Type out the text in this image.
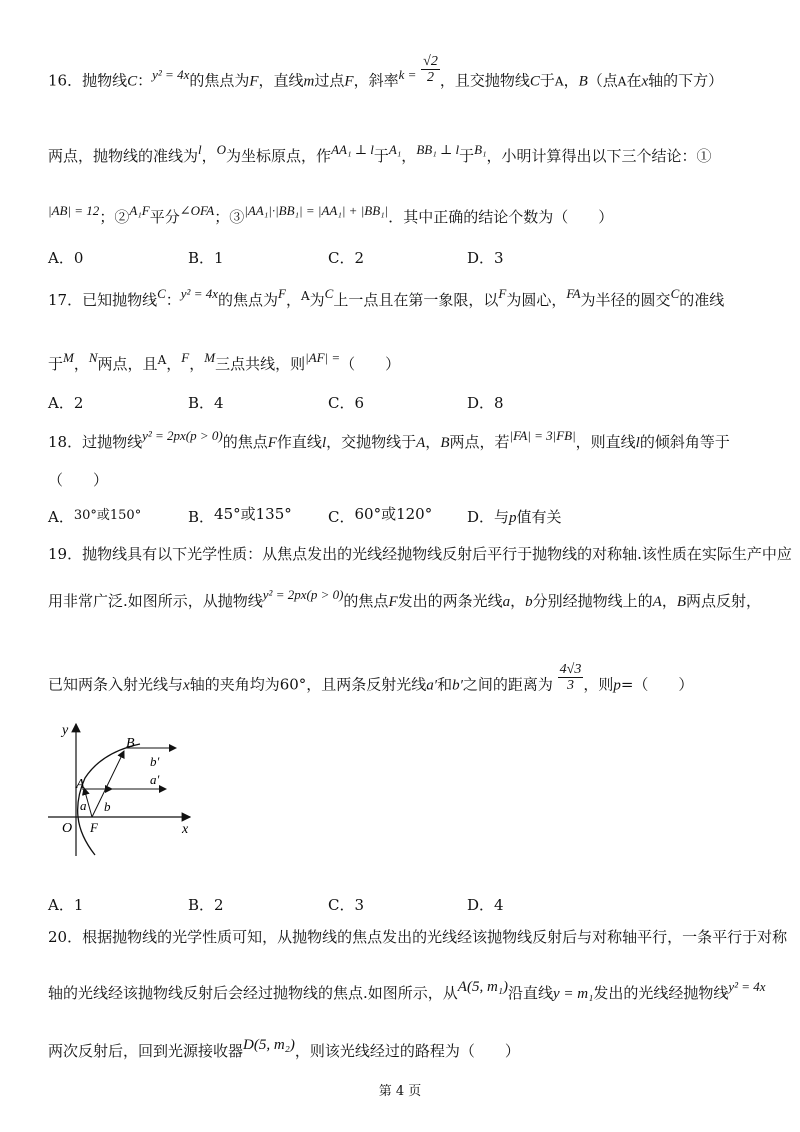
16．抛物线C：y² = 4x的焦点为F，直线m过点F，斜率$k = \frac{√2}{2}$ ，且交抛物线C于A，B（点A在x轴的下方）
两点，抛物线的准线为l，O为坐标原点，作AA₁ ⊥ l于A₁，BB₁ ⊥ l于B₁，小明计算得出以下三个结论：①
|AB| = 12；②A₁F平分∠OFA；③|AA₁|·|BB₁| = |AA₁| + |BB₁|．其中正确的结论个数为（　　）
A．0	B．1	C．2	D．3
17．已知抛物线C：y² = 4x的焦点为F，$^A$为C上一点且在第一象限，以F为圆心，FA为半径的圆交C的准线
于M，N两点，且$^A$，F，M三点共线，则|AF| =（　　）
A．2	B．4	C．6	D．8
18．过抛物线y² = 2px(p > 0)的焦点F作直线l，交抛物线于A，B两点，若|FA| = 3|FB|，则直线l的倾斜角等于
（　　）
A．30°或150°	B．45°或135° C．60°或120° D．与p值有关
19．抛物线具有以下光学性质：从焦点发出的光线经抛物线反射后平行于抛物线的对称轴.该性质在实际生产中应
用非常广泛.如图所示，从抛物线y² = 2px(p > 0)的焦点F发出的两条光线a，b分别经抛物线上的A，B两点反射，
已知两条入射光线与x轴的夹角均为60°，且两条反射光线a′和b′之间的距离为 $\frac{4√3}{3}$ ，则p=（　　）
y
x
O F
A
B
a b
a′
b′
A．1	B．2	C．3	D．4
20．根据抛物线的光学性质可知，从抛物线的焦点发出的光线经该抛物线反射后与对称轴平行，一条平行于对称
轴的光线经该抛物线反射后会经过抛物线的焦点.如图所示，从A(5, m₁)沿直线y = m₁发出的光线经抛物线y² = 4x
两次反射后，回到光源接收器D(5, m₂)，则该光线经过的路程为（　　）
第 4 页
